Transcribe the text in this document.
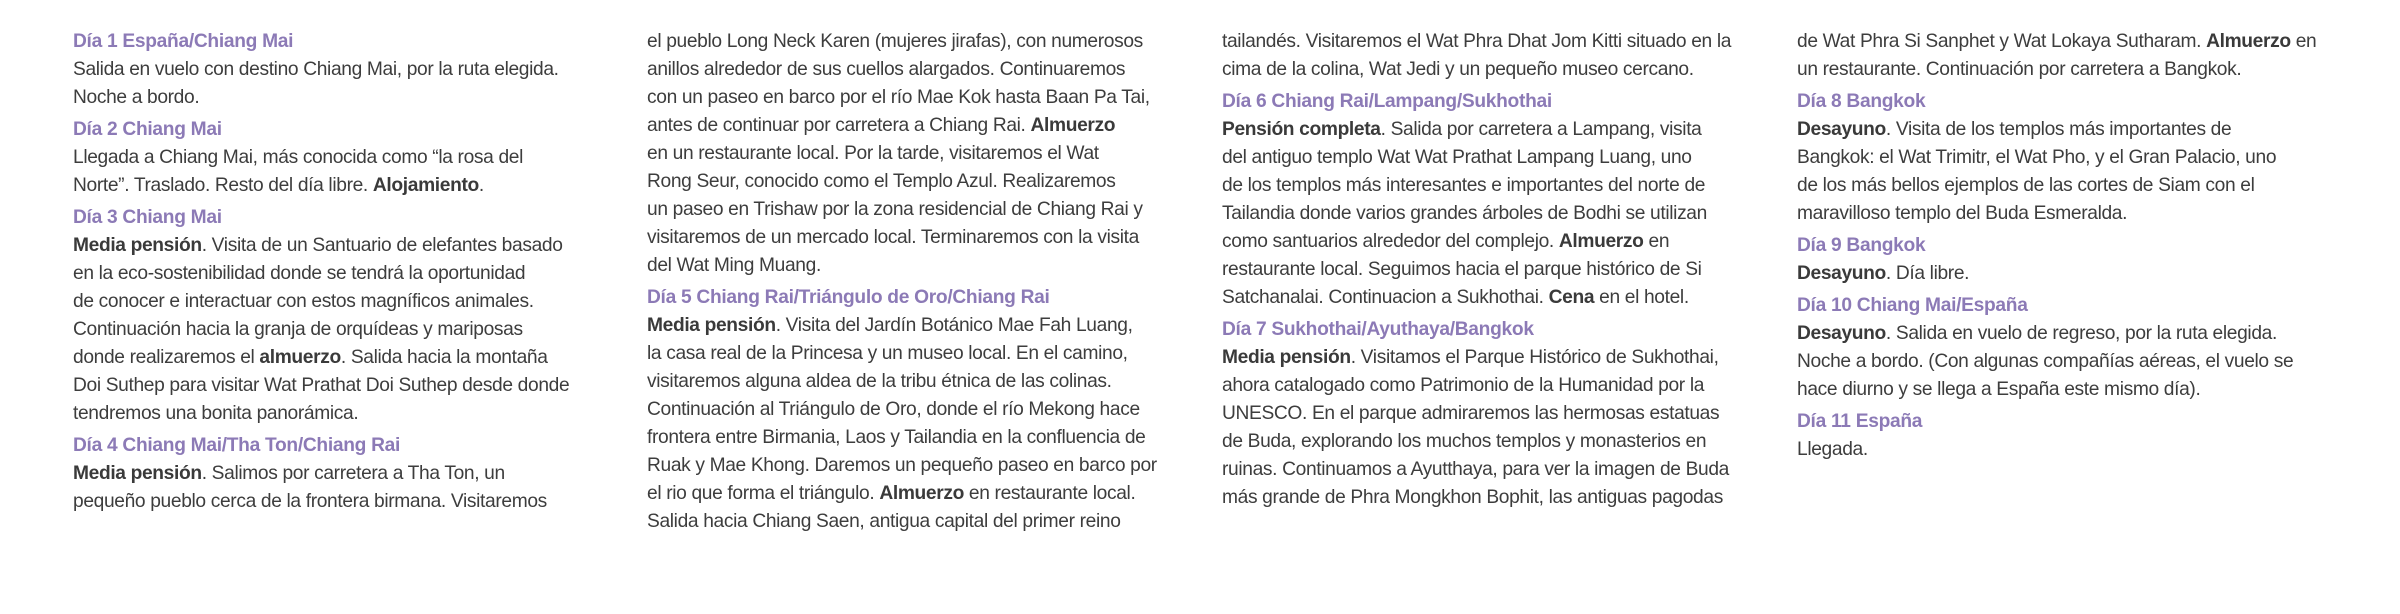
Día 1 España/Chiang Mai
Salida en vuelo con destino Chiang Mai, por la ruta elegida.
Noche a bordo.
Día 2 Chiang Mai
Llegada a Chiang Mai, más conocida como “la rosa del
Norte”. Traslado. Resto del día libre. Alojamiento.
Día 3 Chiang Mai
Media pensión. Visita de un Santuario de elefantes basado
en la eco-sostenibilidad donde se tendrá la oportunidad
de conocer e interactuar con estos magníficos animales.
Continuación hacia la granja de orquídeas y mariposas
donde realizaremos el almuerzo. Salida hacia la montaña
Doi Suthep para visitar Wat Prathat Doi Suthep desde donde
tendremos una bonita panorámica.
Día 4 Chiang Mai/Tha Ton/Chiang Rai
Media pensión. Salimos por carretera a Tha Ton, un
pequeño pueblo cerca de la frontera birmana. Visitaremos
el pueblo Long Neck Karen (mujeres jirafas), con numerosos
anillos alrededor de sus cuellos alargados. Continuaremos
con un paseo en barco por el río Mae Kok hasta Baan Pa Tai,
antes de continuar por carretera a Chiang Rai. Almuerzo
en un restaurante local. Por la tarde, visitaremos el Wat
Rong Seur, conocido como el Templo Azul. Realizaremos
un paseo en Trishaw por la zona residencial de Chiang Rai y
visitaremos de un mercado local. Terminaremos con la visita
del Wat Ming Muang.
Día 5 Chiang Rai/Triángulo de Oro/Chiang Rai
Media pensión. Visita del Jardín Botánico Mae Fah Luang,
la casa real de la Princesa y un museo local. En el camino,
visitaremos alguna aldea de la tribu étnica de las colinas.
Continuación al Triángulo de Oro, donde el río Mekong hace
frontera entre Birmania, Laos y Tailandia en la confluencia de
Ruak y Mae Khong. Daremos un pequeño paseo en barco por
el rio que forma el triángulo. Almuerzo en restaurante local.
Salida hacia Chiang Saen, antigua capital del primer reino
tailandés. Visitaremos el Wat Phra Dhat Jom Kitti situado en la
cima de la colina, Wat Jedi y un pequeño museo cercano.
Día 6 Chiang Rai/Lampang/Sukhothai
Pensión completa. Salida por carretera a Lampang, visita
del antiguo templo Wat Wat Prathat Lampang Luang, uno
de los templos más interesantes e importantes del norte de
Tailandia donde varios grandes árboles de Bodhi se utilizan
como santuarios alrededor del complejo. Almuerzo en
restaurante local. Seguimos hacia el parque histórico de Si
Satchanalai. Continuacion a Sukhothai. Cena en el hotel.
Día 7 Sukhothai/Ayuthaya/Bangkok
Media pensión. Visitamos el Parque Histórico de Sukhothai,
ahora catalogado como Patrimonio de la Humanidad por la
UNESCO. En el parque admiraremos las hermosas estatuas
de Buda, explorando los muchos templos y monasterios en
ruinas. Continuamos a Ayutthaya, para ver la imagen de Buda
más grande de Phra Mongkhon Bophit, las antiguas pagodas
de Wat Phra Si Sanphet y Wat Lokaya Sutharam. Almuerzo en
un restaurante. Continuación por carretera a Bangkok.
Día 8 Bangkok
Desayuno. Visita de los templos más importantes de
Bangkok: el Wat Trimitr, el Wat Pho, y el Gran Palacio, uno
de los más bellos ejemplos de las cortes de Siam con el
maravilloso templo del Buda Esmeralda.
Día 9 Bangkok
Desayuno. Día libre.
Día 10 Chiang Mai/España
Desayuno. Salida en vuelo de regreso, por la ruta elegida.
Noche a bordo. (Con algunas compañías aéreas, el vuelo se
hace diurno y se llega a España este mismo día).
Día 11 España
Llegada.
